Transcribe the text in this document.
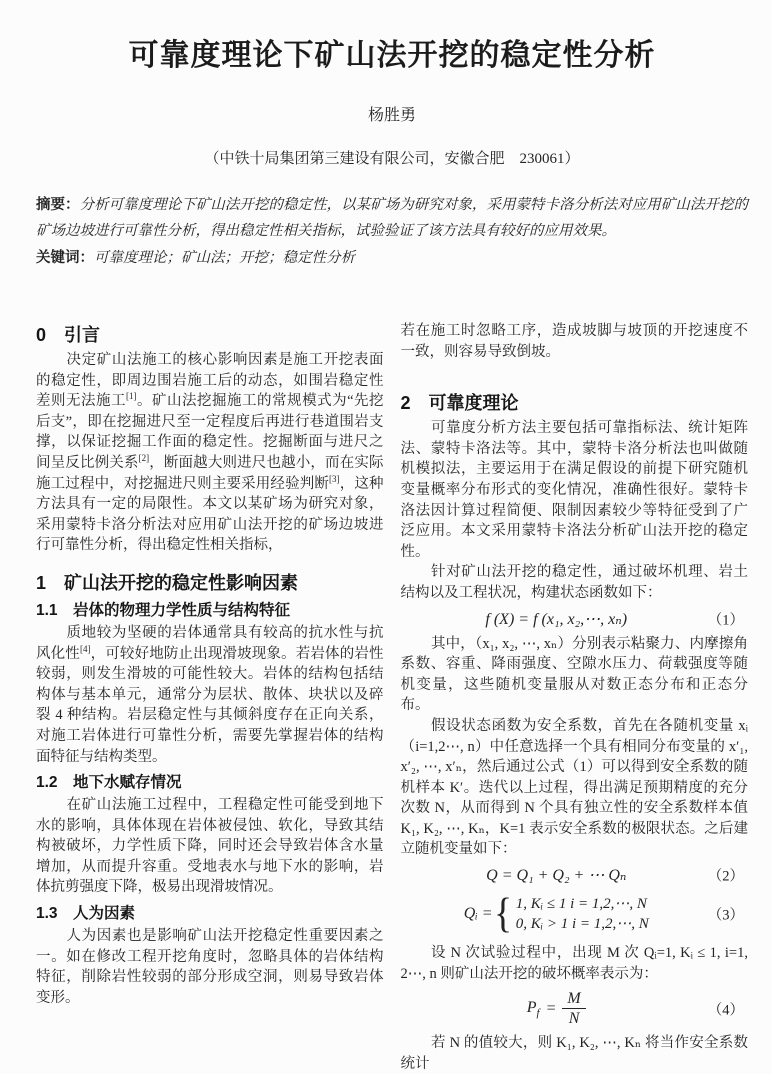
可靠度理论下矿山法开挖的稳定性分析
杨胜勇
（中铁十局集团第三建设有限公司，安徽合肥　230061）
摘要：分析可靠度理论下矿山法开挖的稳定性，以某矿场为研究对象，采用蒙特卡洛分析法对应用矿山法开挖的矿场边坡进行可靠性分析，得出稳定性相关指标，试验验证了该方法具有较好的应用效果。
关键词：可靠度理论；矿山法；开挖；稳定性分析
0　引言

决定矿山法施工的核心影响因素是施工开挖表面的稳定性，即周边围岩施工后的动态，如围岩稳定性差则无法施工[1]。矿山法挖掘施工的常规模式为“先挖后支”，即在挖掘进尺至一定程度后再进行巷道围岩支撑，以保证挖掘工作面的稳定性。挖掘断面与进尺之间呈反比例关系[2]，断面越大则进尺也越小，而在实际施工过程中，对挖掘进尺则主要采用经验判断[3]，这种方法具有一定的局限性。本文以某矿场为研究对象，采用蒙特卡洛分析法对应用矿山法开挖的矿场边坡进行可靠性分析，得出稳定性相关指标，

1　矿山法开挖的稳定性影响因素
1.1　岩体的物理力学性质与结构特征

质地较为坚硬的岩体通常具有较高的抗水性与抗风化性[4]，可较好地防止出现滑坡现象。若岩体的岩性较弱，则发生滑坡的可能性较大。岩体的结构包括结构体与基本单元，通常分为层状、散体、块状以及碎裂 4 种结构。岩层稳定性与其倾斜度存在正向关系，对施工岩体进行可靠性分析，需要先掌握岩体的结构面特征与结构类型。

1.2　地下水赋存情况

在矿山法施工过程中，工程稳定性可能受到地下水的影响，具体体现在岩体被侵蚀、软化，导致其结构被破坏，力学性质下降，同时还会导致岩体含水量增加，从而提升容重。受地表水与地下水的影响，岩体抗剪强度下降，极易出现滑坡情况。

1.3　人为因素

人为因素也是影响矿山法开挖稳定性重要因素之一。如在修改工程开挖角度时，忽略具体的岩体结构特征，削除岩性较弱的部分形成空洞，则易导致岩体变形。

若在施工时忽略工序，造成坡脚与坡顶的开挖速度不一致，则容易导致倒坡。

2　可靠度理论

可靠度分析方法主要包括可靠指标法、统计矩阵法、蒙特卡洛法等。其中，蒙特卡洛分析法也叫做随机模拟法，主要运用于在满足假设的前提下研究随机变量概率分布形式的变化情况，准确性很好。蒙特卡洛法因计算过程简便、限制因素较少等特征受到了广泛应用。本文采用蒙特卡洛法分析矿山法开挖的稳定性。

针对矿山法开挖的稳定性，通过破坏机理、岩土结构以及工程状况，构建状态函数如下：

f (X) = f (x₁, x₂,⋯, xₙ)	（1）

其中，（x₁, x₂, ⋯, xₙ）分别表示粘聚力、内摩擦角系数、容重、降雨强度、空隙水压力、荷载强度等随机变量，这些随机变量服从对数正态分布和正态分布。

假设状态函数为安全系数，首先在各随机变量 xᵢ（i=1,2⋯, n）中任意选择一个具有相同分布变量的 x′₁, x′₂, ⋯, x′ₙ，然后通过公式（1）可以得到安全系数的随机样本 K′。迭代以上过程，得出满足预期精度的充分次数 N，从而得到 N 个具有独立性的安全系数样本值 K₁, K₂, ⋯, Kₙ，K=1 表示安全系数的极限状态。之后建立随机变量如下：

Q = Q₁ + Q₂ + ⋯ Qₙ	（2）
Qᵢ = { 1, Kᵢ ≤ 1 i = 1,2,⋯, N
0, Kᵢ > 1 i = 1,2,⋯, N
（3）

设 N 次试验过程中，出现 M 次 Qᵢ=1, Kᵢ ≤ 1, i=1, 2⋯, n 则矿山法开挖的破坏概率表示为：

$P_f = \frac{M}{N}$	（4）

若 N 的值较大，则 K₁, K₂, ⋯, Kₙ 将当作安全系数统计
